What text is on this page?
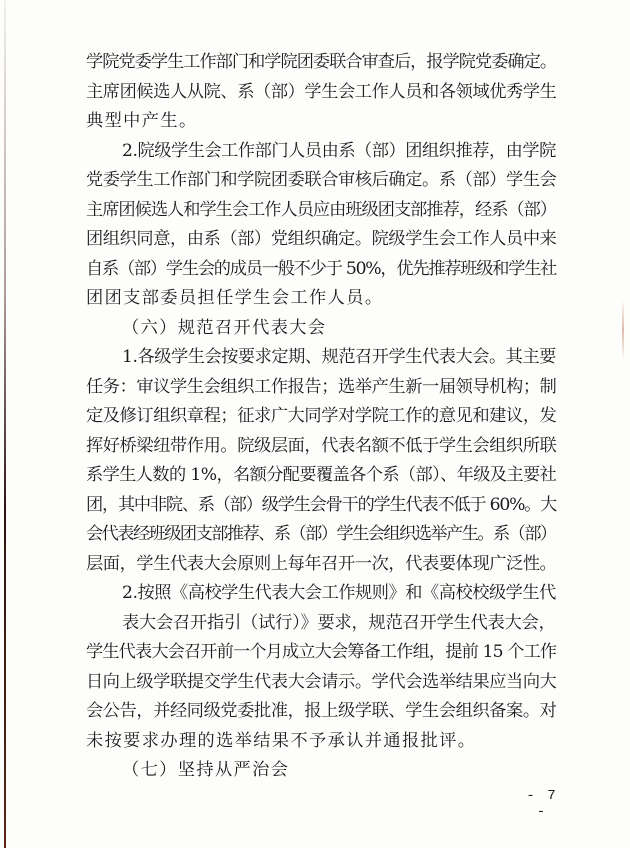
学院党委学生工作部门和学院团委联合审查后，报学院党委确定。
主席团候选人从院、系（部）学生会工作人员和各领域优秀学生
典型中产生。
2.院级学生会工作部门人员由系（部）团组织推荐，由学院
党委学生工作部门和学院团委联合审核后确定。系（部）学生会
主席团候选人和学生会工作人员应由班级团支部推荐，经系（部）
团组织同意，由系（部）党组织确定。院级学生会工作人员中来
自系（部）学生会的成员一般不少于 50%，优先推荐班级和学生社
团团支部委员担任学生会工作人员。
（六）规范召开代表大会
1.各级学生会按要求定期、规范召开学生代表大会。其主要
任务：审议学生会组织工作报告；选举产生新一届领导机构；制
定及修订组织章程；征求广大同学对学院工作的意见和建议，发
挥好桥梁纽带作用。院级层面，代表名额不低于学生会组织所联
系学生人数的 1%，名额分配要覆盖各个系（部）、年级及主要社
团，其中非院、系（部）级学生会骨干的学生代表不低于 60%。大
会代表经班级团支部推荐、系（部）学生会组织选举产生。系（部）
层面，学生代表大会原则上每年召开一次，代表要体现广泛性。
2.按照《高校学生代表大会工作规则》和《高校校级学生代
表大会召开指引（试行）》要求，规范召开学生代表大会，
学生代表大会召开前一个月成立大会筹备工作组，提前 15 个工作
日向上级学联提交学生代表大会请示。学代会选举结果应当向大
会公告，并经同级党委批准，报上级学联、学生会组织备案。对
未按要求办理的选举结果不予承认并通报批评。
（七）坚持从严治会
- 7 -
